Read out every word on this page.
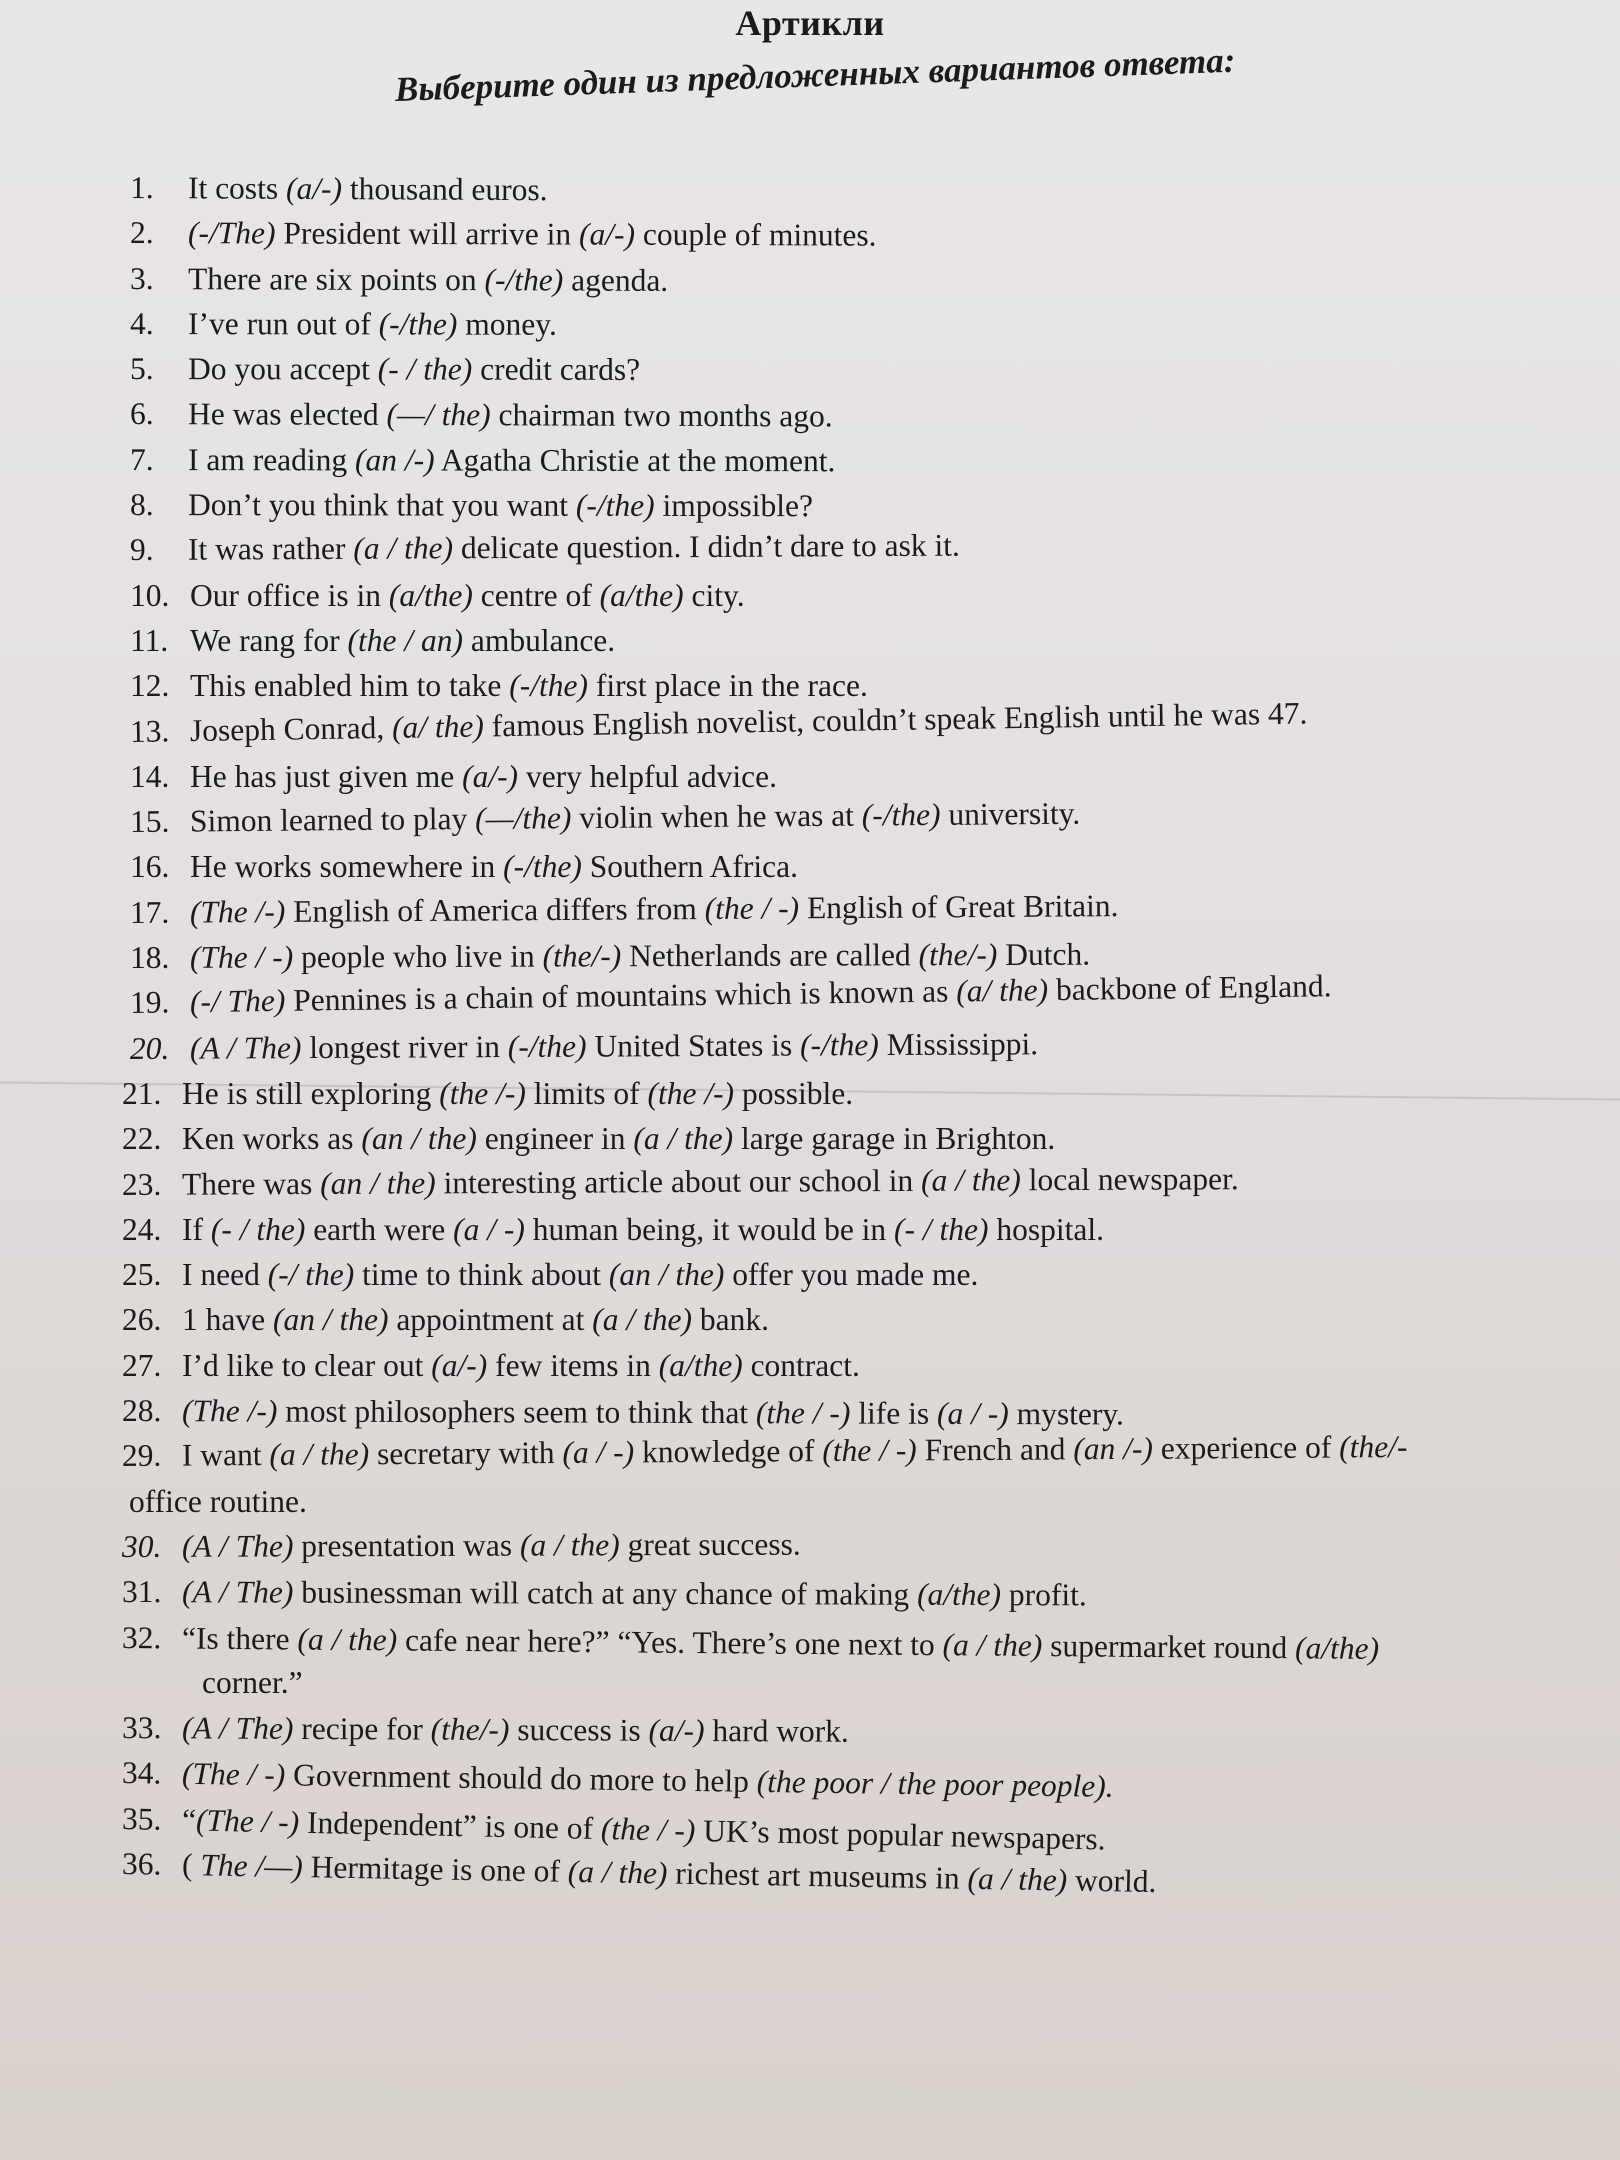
Артикли
Выберите один из предложенных вариантов ответа:
1.	It costs (a/-) thousand euros.
2.	(-/The) President will arrive in (a/-) couple of minutes.
3.	There are six points on (-/the) agenda.
4.	I’ve run out of (-/the) money.
5.	Do you accept (- / the) credit cards?
6.	He was elected (—/ the) chairman two months ago.
7.	I am reading (an /-) Agatha Christie at the moment.
8.	Don’t you think that you want (-/the) impossible?
9.	It was rather (a / the) delicate question. I didn’t dare to ask it.
10. Our office is in (a/the) centre of (a/the) city.
11. We rang for (the / an) ambulance.
12. This enabled him to take (-/the) first place in the race.
13. Joseph Conrad, (a/ the) famous English novelist, couldn’t speak English until he was 47.
14. He has just given me (a/-) very helpful advice.
15. Simon learned to play (—/the) violin when he was at (-/the) university.
16. He works somewhere in (-/the) Southern Africa.
17. (The /-) English of America differs from (the / -) English of Great Britain.
18. (The / -) people who live in (the/-) Netherlands are called (the/-) Dutch.
19. (-/ The) Pennines is a chain of mountains which is known as (a/ the) backbone of England.
20. (A / The) longest river in (-/the) United States is (-/the) Mississippi.
21. He is still exploring (the /-) limits of (the /-) possible.
22. Ken works as (an / the) engineer in (a / the) large garage in Brighton.
23. There was (an / the) interesting article about our school in (a / the) local newspaper.
24. If (- / the) earth were (a / -) human being, it would be in (- / the) hospital.
25. I need (-/ the) time to think about (an / the) offer you made me.
26. 1 have (an / the) appointment at (a / the) bank.
27. I’d like to clear out (a/-) few items in (a/the) contract.
28. (The /-) most philosophers seem to think that (the / -) life is (a / -) mystery.
29. I want (a / the) secretary with (a / -) knowledge of (the / -) French and (an /-) experience of (the/-
office routine.
30. (A / The) presentation was (a / the) great success.
31. (A / The) businessman will catch at any chance of making (a/the) profit.
32. “Is there (a / the) cafe near here?” “Yes. There’s one next to (a / the) supermarket round (a/the)
corner.”
33. (A / The) recipe for (the/-) success is (a/-) hard work.
34. (The / -) Government should do more to help (the poor / the poor people).
35. “(The / -) Independent” is one of (the / -) UK’s most popular newspapers.
36. ( The /—) Hermitage is one of (a / the) richest art museums in (a / the) world.
